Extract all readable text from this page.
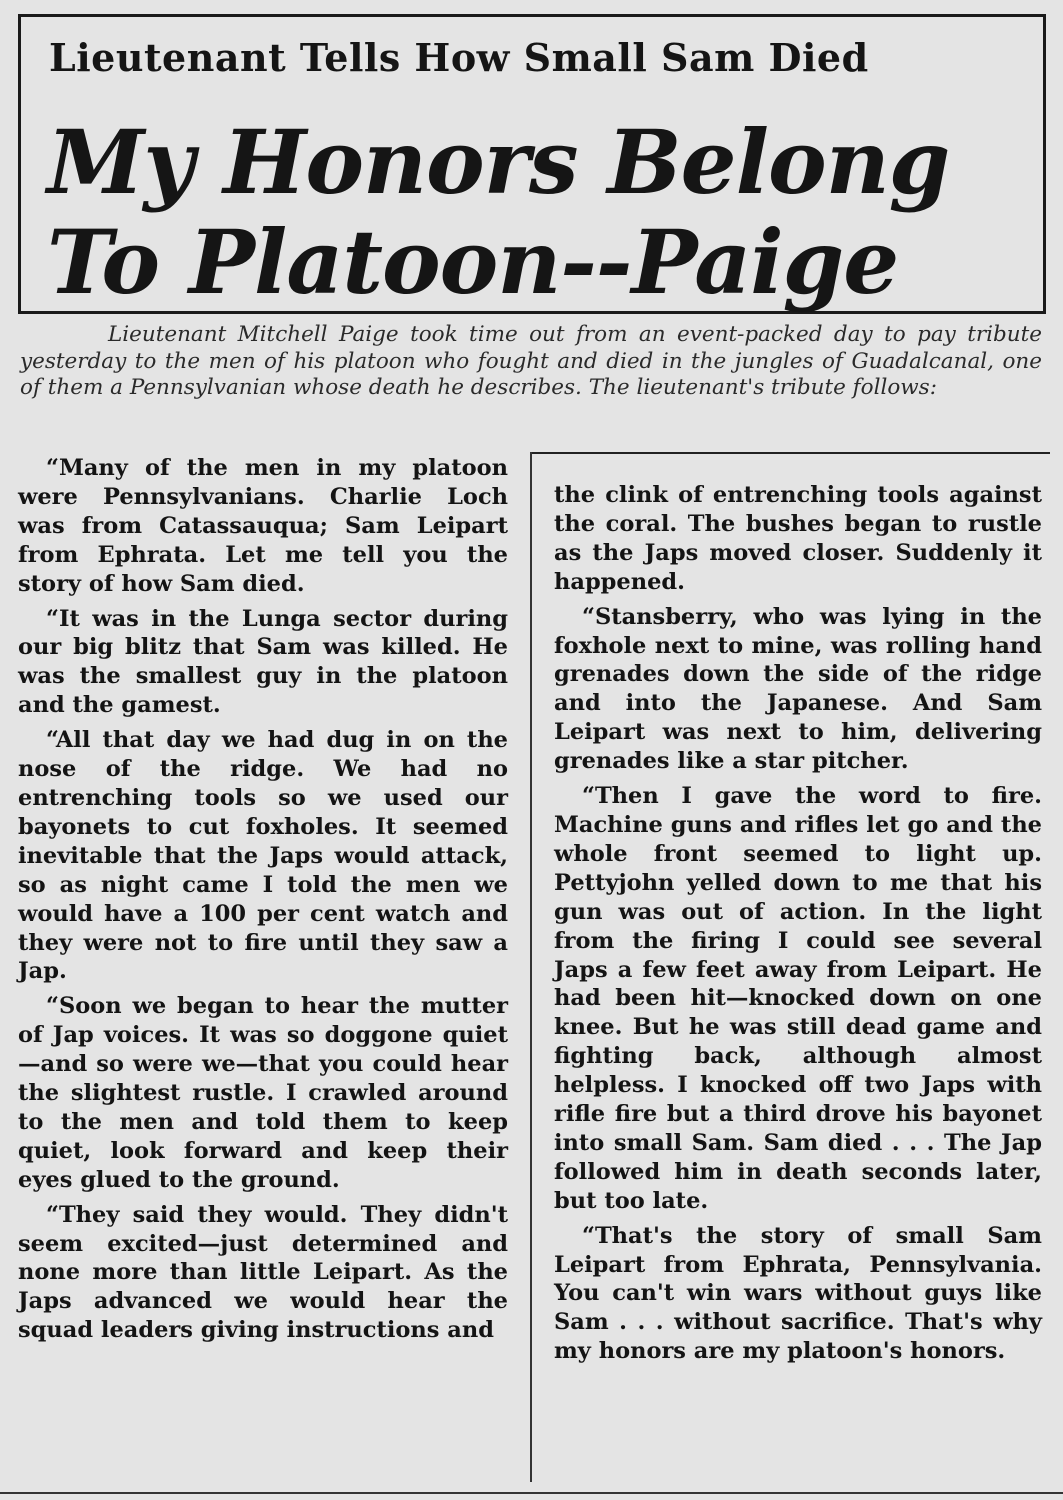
Lieutenant Tells How Small Sam Died
My Honors Belong
To Platoon--Paige
Lieutenant Mitchell Paige took time out from an event-packed day to pay tribute yesterday to the men of his platoon who fought and died in the jungles of Guadalcanal, one of them a Pennsylvanian whose death he describes. The lieutenant's tribute follows:

“Many of the men in my platoon were Pennsylvanians. Charlie Loch was from Catassauqua; Sam Leipart from Ephrata. Let me tell you the story of how Sam died.

“It was in the Lunga sector during our big blitz that Sam was killed. He was the smallest guy in the platoon and the gamest.

“All that day we had dug in on the nose of the ridge. We had no entrenching tools so we used our bayonets to cut foxholes. It seemed inevitable that the Japs would attack, so as night came I told the men we would have a 100 per cent watch and they were not to fire until they saw a Jap.

“Soon we began to hear the mutter of Jap voices. It was so doggone quiet—and so were we—that you could hear the slightest rustle. I crawled around to the men and told them to keep quiet, look forward and keep their eyes glued to the ground.

“They said they would. They didn't seem excited—just determined and none more than little Leipart. As the Japs advanced we would hear the squad leaders giving instructions and

the clink of entrenching tools against the coral. The bushes began to rustle as the Japs moved closer. Suddenly it happened.

“Stansberry, who was lying in the foxhole next to mine, was rolling hand grenades down the side of the ridge and into the Japanese. And Sam Leipart was next to him, delivering grenades like a star pitcher.

“Then I gave the word to fire. Machine guns and rifles let go and the whole front seemed to light up. Pettyjohn yelled down to me that his gun was out of action. In the light from the firing I could see several Japs a few feet away from Leipart. He had been hit—knocked down on one knee. But he was still dead game and fighting back, although almost helpless. I knocked off two Japs with rifle fire but a third drove his bayonet into small Sam. Sam died . . . The Jap followed him in death seconds later, but too late.

“That's the story of small Sam Leipart from Ephrata, Pennsylvania. You can't win wars without guys like Sam . . . without sacrifice. That's why my honors are my platoon's honors.
